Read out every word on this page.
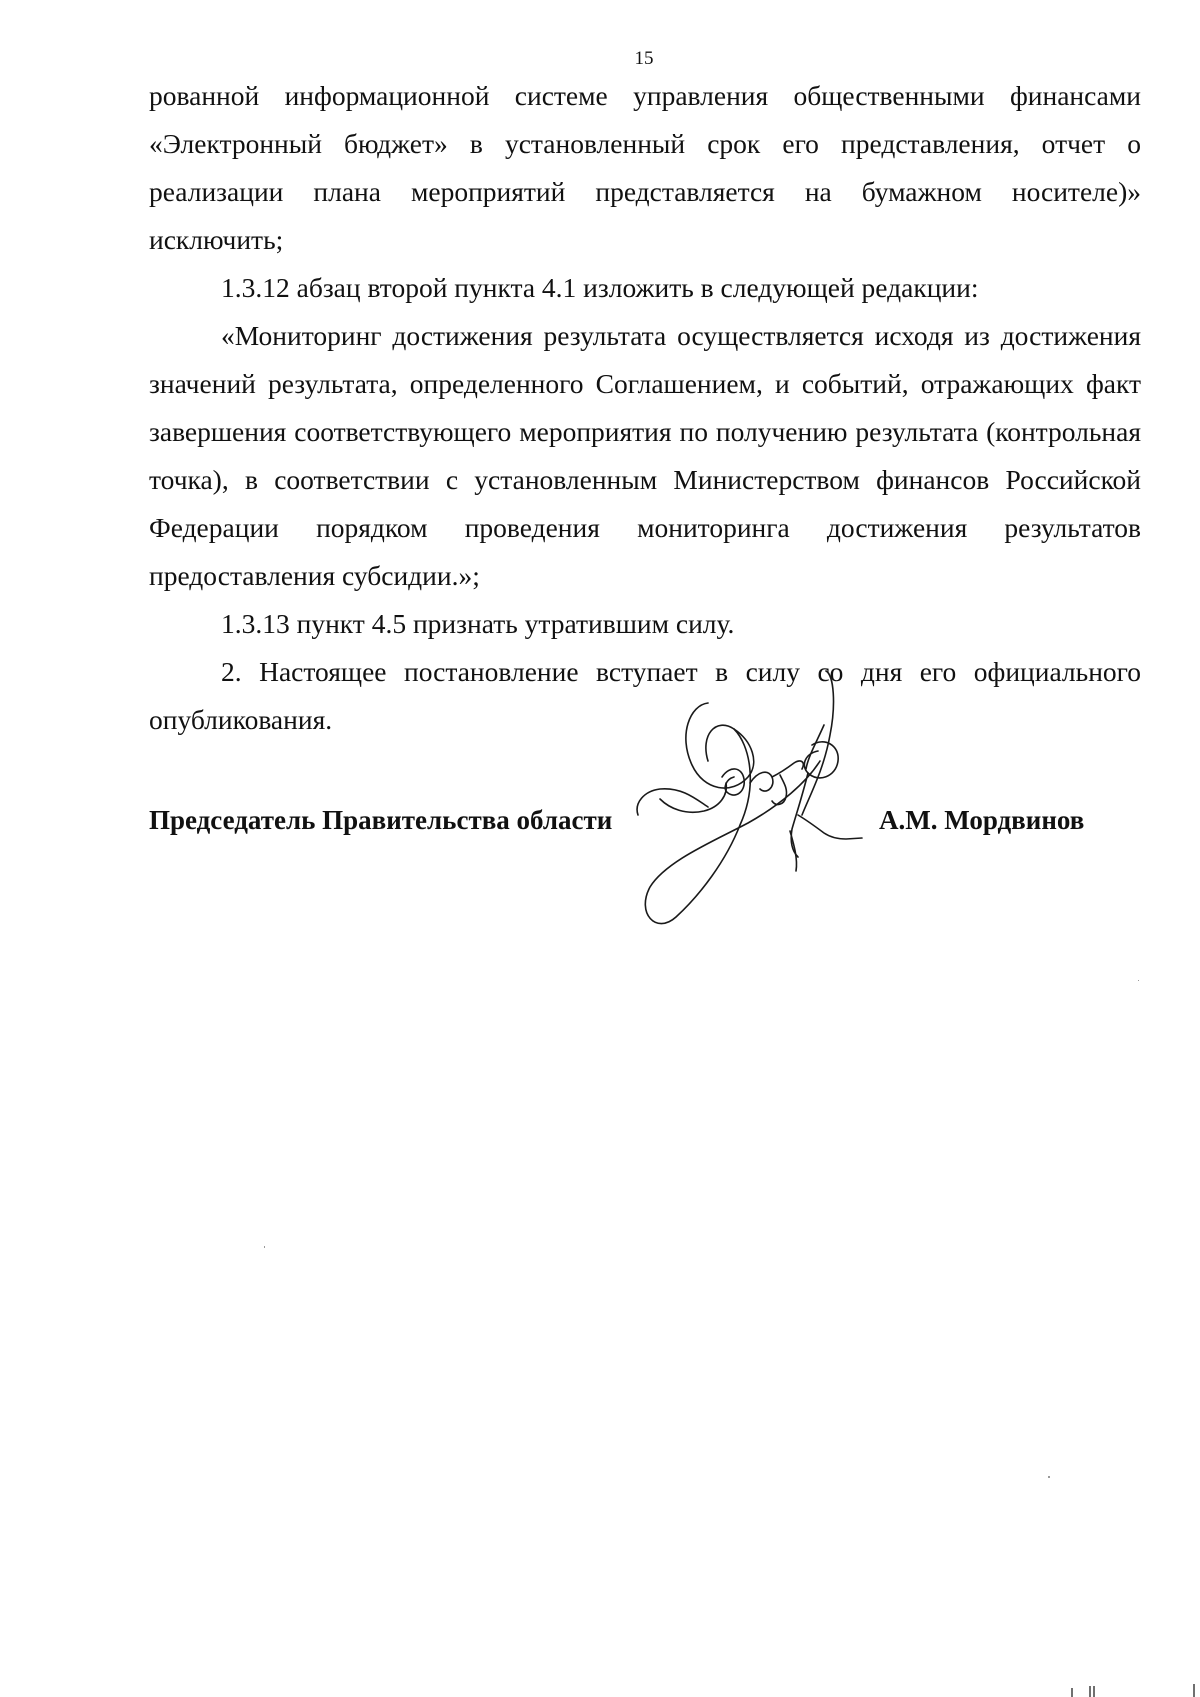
15

рованной информационной системе управления общественными финансами «Электронный бюджет» в установленный срок его представления, отчет о реализации плана мероприятий представляется на бумажном носителе)» исключить;

1.3.12 абзац второй пункта 4.1 изложить в следующей редакции:

«Мониторинг достижения результата осуществляется исходя из достижения значений результата, определенного Соглашением, и событий, отражающих факт завершения соответствующего мероприятия по получению результата (контрольная точка), в соответствии с установленным Министерством финансов Российской Федерации порядком проведения мониторинга достижения результатов предоставления субсидии.»;

1.3.13 пункт 4.5 признать утратившим силу.

2. Настоящее постановление вступает в силу со дня его официального опубликования.

Председатель Правительства области	А.М. Мордвинов
